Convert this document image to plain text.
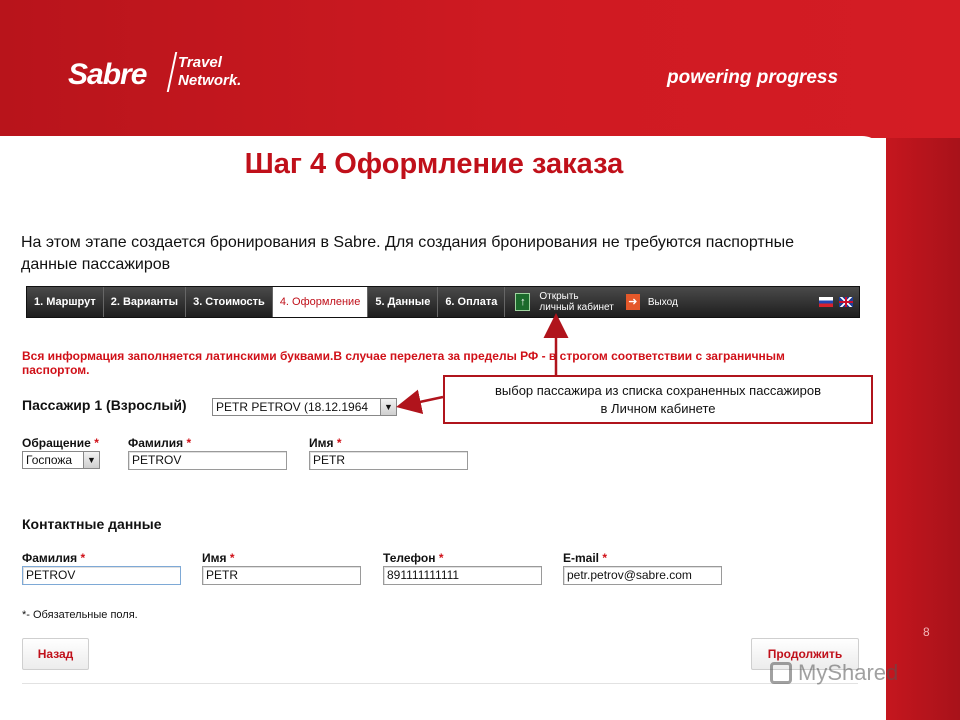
Sabre Travel
Network.	powering progress
Шаг 4 Оформление заказа
На этом этапе создается бронирования в Sabre. Для создания бронирования не требуются паспортные данные пассажиров
1. Маршрут	2. Варианты	3. Стоимость	4. Оформление	5. Данные	6. Оплата	↑	Открыть
личный кабинет ➜ Выход
Вся информация заполняется латинскими буквами.В случае перелета за пределы РФ - в строгом соответствии с заграничным паспортом.
Пассажир 1 (Взрослый)	PETR PETROV (18.12.1964	▼
Обращение *
Госпожа	▼
Фамилия *
PETROV
Имя *
PETR
Контактные данные
Фамилия *
PETROV
Имя *
PETR
Телефон *
891111111111
E-mail *
petr.petrov@sabre.com
*- Обязательные поля.
Назад	Продолжить
выбор пассажира из списка сохраненных пассажиров
в Личном кабинете
8
MyShared
